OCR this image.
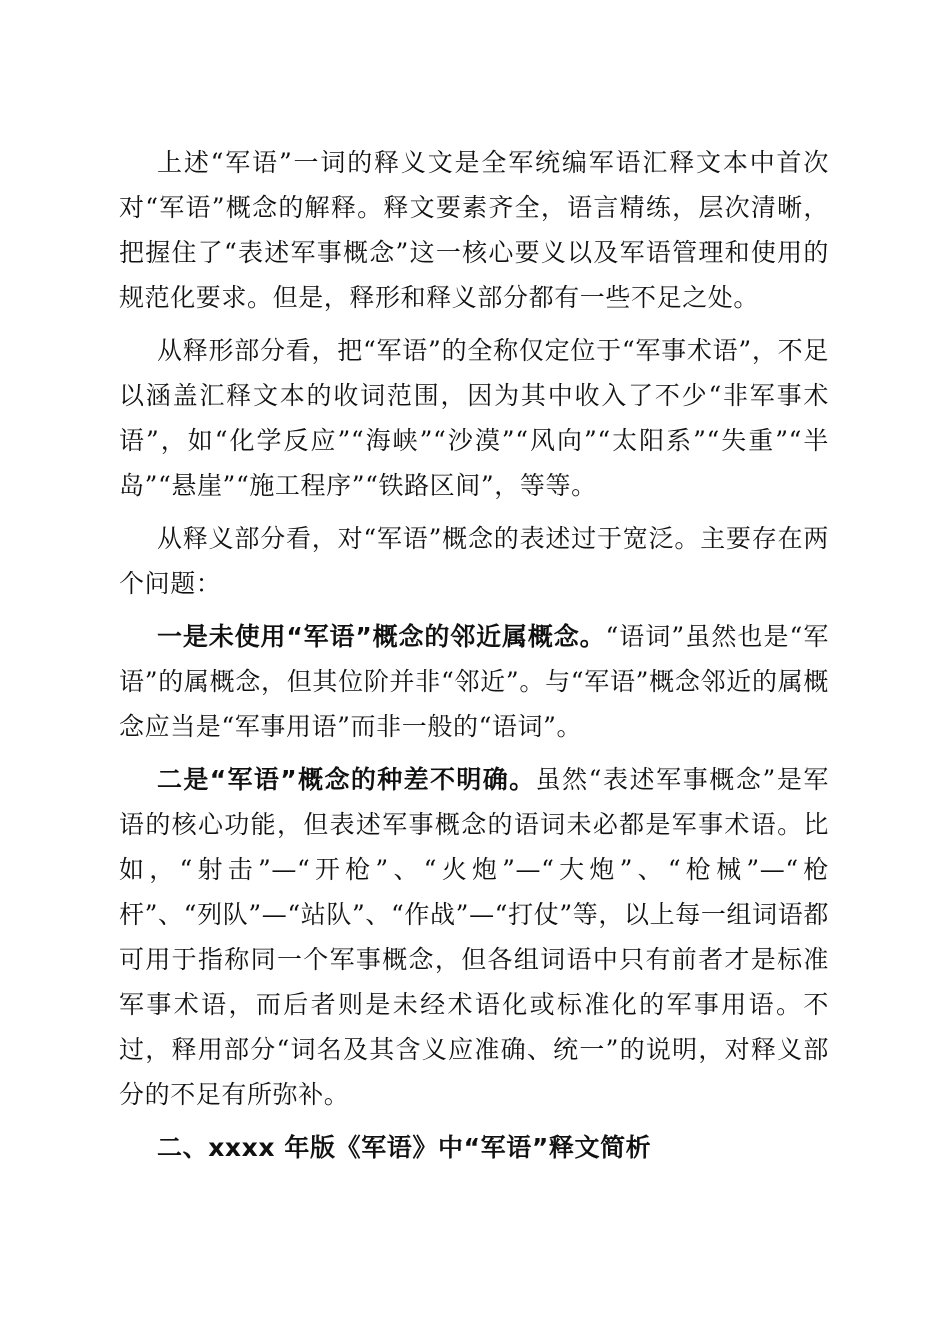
上述“军语”一词的释义文是全军统编军语汇释文本中首次对“军语”概念的解释。释文要素齐全，语言精练，层次清晰，把握住了“表述军事概念”这一核心要义以及军语管理和使用的规范化要求。但是，释形和释义部分都有一些不足之处。

从释形部分看，把“军语”的全称仅定位于“军事术语”，不足以涵盖汇释文本的收词范围，因为其中收入了不少“非军事术语”，如“化学反应”“海峡”“沙漠”“风向”“太阳系”“失重”“半岛”“悬崖”“施工程序”“铁路区间”，等等。

从释义部分看，对“军语”概念的表述过于宽泛。主要存在两个问题：

一是未使用“军语”概念的邻近属概念。“语词”虽然也是“军语”的属概念，但其位阶并非“邻近”。与“军语”概念邻近的属概念应当是“军事用语”而非一般的“语词”。

二是“军语”概念的种差不明确。虽然“表述军事概念”是军语的核心功能，但表述军事概念的语词未必都是军事术语。比如，“射击”—“开枪”、“火炮”—“大炮”、“枪械”—“枪杆”、“列队”—“站队”、“作战”—“打仗”等，以上每一组词语都可用于指称同一个军事概念，但各组词语中只有前者才是标准军事术语，而后者则是未经术语化或标准化的军事用语。不过，释用部分“词名及其含义应准确、统一”的说明，对释义部分的不足有所弥补。

二、xxxx 年版《军语》中“军语”释文简析
